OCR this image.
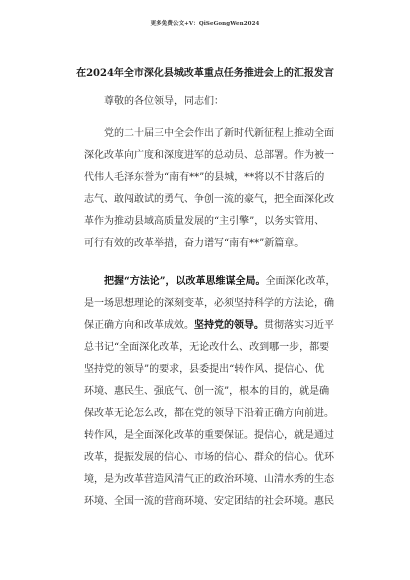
更多免费公文+V：QiSeGongWen2024
在2024年全市深化县城改革重点任务推进会上的汇报发言
尊敬的各位领导，同志们：
党的二十届三中全会作出了新时代新征程上推动全面
深化改革向广度和深度进军的总动员、总部署。作为被一
代伟人毛泽东誉为“南有**”的县城，**将以不甘落后的
志气、敢闯敢试的勇气、争创一流的豪气，把全面深化改
革作为推动县域高质量发展的“主引擎”，以务实管用、
可行有效的改革举措，奋力谱写“南有**”新篇章。
把握“方法论”，以改革思维谋全局。全面深化改革，
是一场思想理论的深刻变革，必须坚持科学的方法论，确
保正确方向和改革成效。坚持党的领导。贯彻落实习近平
总书记“全面深化改革，无论改什么、改到哪一步，都要
坚持党的领导”的要求，县委提出“转作风、提信心、优
环境、惠民生、强底气、创一流”，根本的目的，就是确
保改革无论怎么改，都在党的领导下沿着正确方向前进。
转作风，是全面深化改革的重要保证。提信心，就是通过
改革，提振发展的信心、市场的信心、群众的信心。优环
境，是为改革营造风清气正的政治环境、山清水秀的生态
环境、全国一流的营商环境、安定团结的社会环境。惠民
